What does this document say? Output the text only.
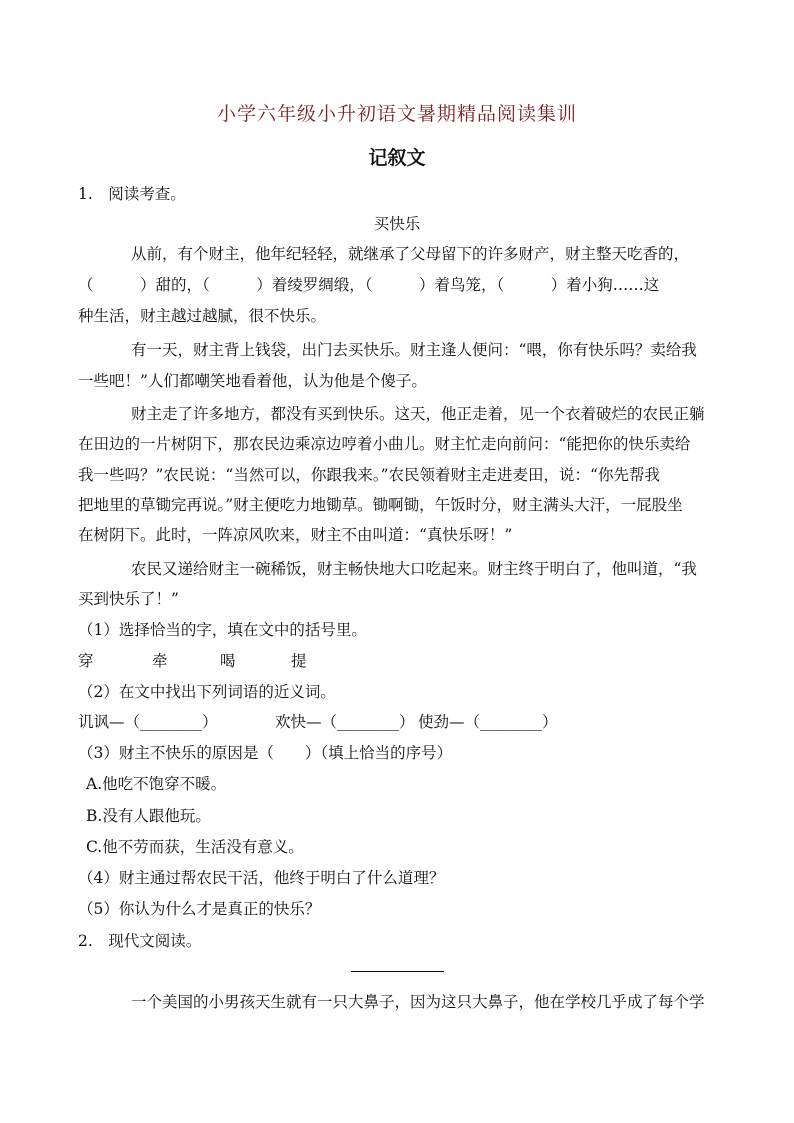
小学六年级小升初语文暑期精品阅读集训
记叙文
1.　阅读考查。
买快乐
从前，有个财主，他年纪轻轻，就继承了父母留下的许多财产，财主整天吃香的，
（　　　）甜的，（　　　）着绫罗绸缎，（　　　）着鸟笼，（　　　）着小狗……这
种生活，财主越过越腻，很不快乐。
有一天，财主背上钱袋，出门去买快乐。财主逢人便问：“喂，你有快乐吗？卖给我
一些吧！”人们都嘲笑地看着他，认为他是个傻子。
财主走了许多地方，都没有买到快乐。这天，他正走着，见一个衣着破烂的农民正躺
在田边的一片树阴下，那农民边乘凉边哼着小曲儿。财主忙走向前问：“能把你的快乐卖给
我一些吗？”农民说：“当然可以，你跟我来。”农民领着财主走进麦田，说：“你先帮我
把地里的草锄完再说。”财主便吃力地锄草。锄啊锄，午饭时分，财主满头大汗，一屁股坐
在树阴下。此时，一阵凉风吹来，财主不由叫道：“真快乐呀！”
农民又递给财主一碗稀饭，财主畅快地大口吃起来。财主终于明白了，他叫道，“我
买到快乐了！”
（1）选择恰当的字，填在文中的括号里。
穿	牵	喝	提
（2）在文中找出下列词语的近义词。
讥讽—（________）	欢快—（________） 使劲—（________）
（3）财主不快乐的原因是（　　）（填上恰当的序号）
A.他吃不饱穿不暖。
B.没有人跟他玩。
C.他不劳而获，生活没有意义。
（4）财主通过帮农民干活，他终于明白了什么道理？
（5）你认为什么才是真正的快乐？
2.　现代文阅读。
一个美国的小男孩天生就有一只大鼻子，因为这只大鼻子，他在学校几乎成了每个学
